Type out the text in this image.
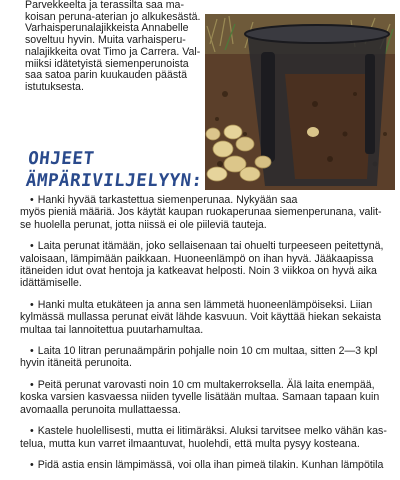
Parvekkeelta ja terassilta saa ma-
koisan peruna-aterian jo alkukesästä.
Varhaisperunalajikkeista Annabelle
soveltuu hyvin. Muita varhaisperu-
nalajikkeita ovat Timo ja Carrera. Val-
miiksi idätetyistä siemenperunoista
saa satoa parin kuukauden päästä
istutuksesta.
OHJEET
ÄMPÄRIVILJELYYN:
• Hanki hyvää tarkastettua siemenperunaa. Nykyään saa
myös pieniä määriä. Jos käytät kaupan ruokaperunaa siemenperunana, valit-
se huolella perunat, jotta niissä ei ole piileviä tauteja.
• Laita perunat itämään, joko sellaisenaan tai ohuelti turpeeseen peitettynä,
valoisaan, lämpimään paikkaan. Huoneenlämpö on ihan hyvä. Jääkaapissa
itäneiden idut ovat hentoja ja katkeavat helposti. Noin 3 viikkoa on hyvä aika
idättämiselle.
• Hanki multa etukäteen ja anna sen lämmetä huoneenlämpöiseksi. Liian
kylmässä mullassa perunat eivät lähde kasvuun. Voit käyttää hiekan sekaista
multaa tai lannoitettua puutarhamultaa.
• Laita 10 litran perunaämpärin pohjalle noin 10 cm multaa, sitten 2—3 kpl
hyvin itäneitä perunoita.
• Peitä perunat varovasti noin 10 cm multakerroksella. Älä laita enempää,
koska varsien kasvaessa niiden tyvelle lisätään multaa. Samaan tapaan kuin
avomaalla perunoita mullattaessa.
• Kastele huolellisesti, mutta ei litimäräksi. Aluksi tarvitsee melko vähän kas-
telua, mutta kun varret ilmaantuvat, huolehdi, että multa pysyy kosteana.
• Pidä astia ensin lämpimässä, voi olla ihan pimeä tilakin. Kunhan lämpötila
